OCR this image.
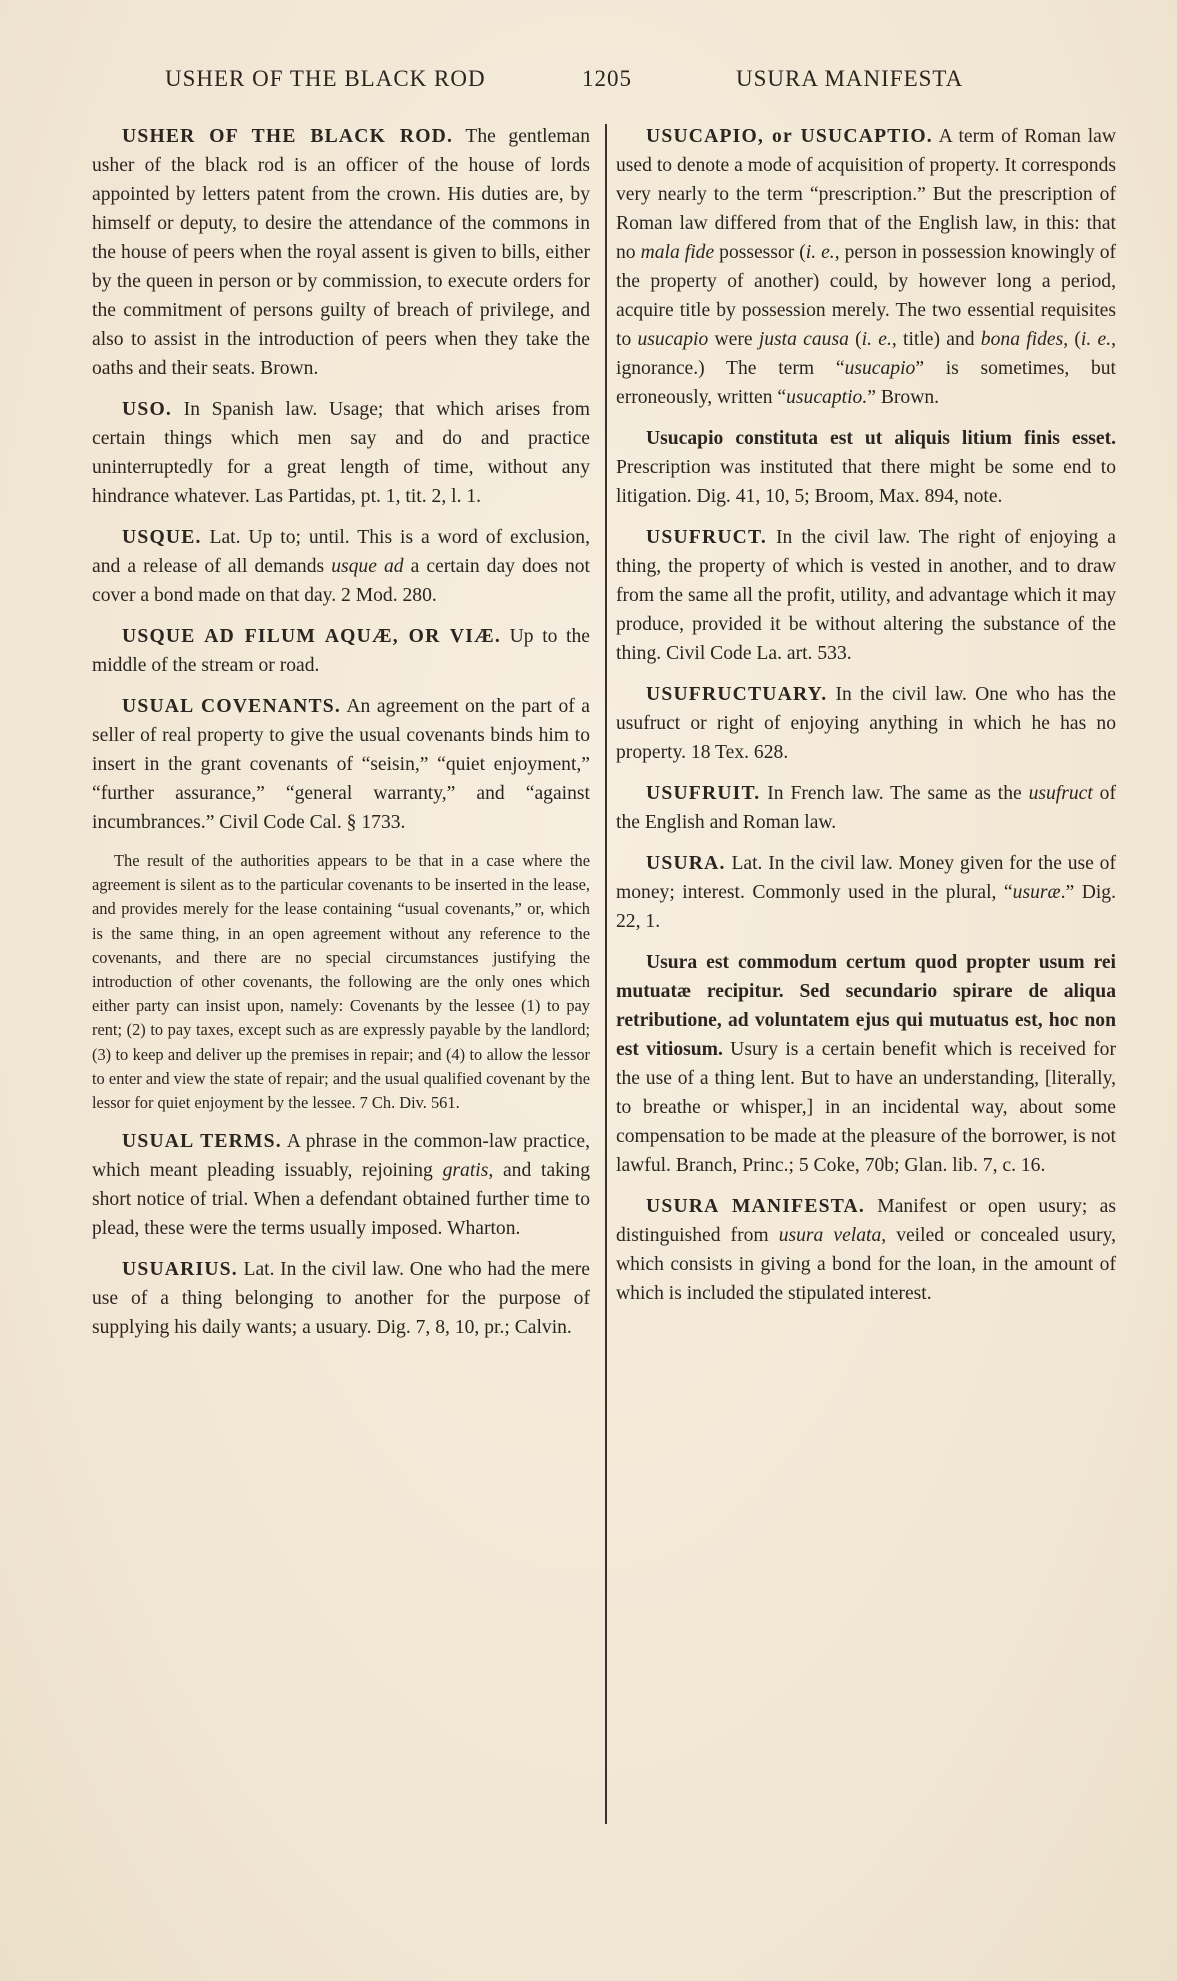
USHER OF THE BLACK ROD	1205	USURA MANIFESTA

USHER OF THE BLACK ROD. The gentleman usher of the black rod is an officer of the house of lords appointed by letters patent from the crown. His duties are, by himself or deputy, to desire the attendance of the commons in the house of peers when the royal assent is given to bills, either by the queen in person or by commission, to execute orders for the commitment of persons guilty of breach of privilege, and also to assist in the introduction of peers when they take the oaths and their seats. Brown.

USO. In Spanish law. Usage; that which arises from certain things which men say and do and practice uninterruptedly for a great length of time, without any hindrance whatever. Las Partidas, pt. 1, tit. 2, l. 1.

USQUE. Lat. Up to; until. This is a word of exclusion, and a release of all demands usque ad a certain day does not cover a bond made on that day. 2 Mod. 280.

USQUE AD FILUM AQUÆ, OR VIÆ. Up to the middle of the stream or road.

USUAL COVENANTS. An agreement on the part of a seller of real property to give the usual covenants binds him to insert in the grant covenants of “seisin,” “quiet enjoyment,” “further assurance,” “general warranty,” and “against incumbrances.” Civil Code Cal. § 1733.

The result of the authorities appears to be that in a case where the agreement is silent as to the particular covenants to be inserted in the lease, and provides merely for the lease containing “usual covenants,” or, which is the same thing, in an open agreement without any reference to the covenants, and there are no special circumstances justifying the introduction of other covenants, the following are the only ones which either party can insist upon, namely: Covenants by the lessee (1) to pay rent; (2) to pay taxes, except such as are expressly payable by the landlord; (3) to keep and deliver up the premises in repair; and (4) to allow the lessor to enter and view the state of repair; and the usual qualified covenant by the lessor for quiet enjoyment by the lessee. 7 Ch. Div. 561.

USUAL TERMS. A phrase in the common-law practice, which meant pleading issuably, rejoining gratis, and taking short notice of trial. When a defendant obtained further time to plead, these were the terms usually imposed. Wharton.

USUARIUS. Lat. In the civil law. One who had the mere use of a thing belonging to another for the purpose of supplying his daily wants; a usuary. Dig. 7, 8, 10, pr.; Calvin.

USUCAPIO, or USUCAPTIO. A term of Roman law used to denote a mode of acquisition of property. It corresponds very nearly to the term “prescription.” But the prescription of Roman law differed from that of the English law, in this: that no mala fide possessor (i. e., person in possession knowingly of the property of another) could, by however long a period, acquire title by possession merely. The two essential requisites to usucapio were justa causa (i. e., title) and bona fides, (i. e., ignorance.) The term “usucapio” is sometimes, but erroneously, written “usucaptio.” Brown.

Usucapio constituta est ut aliquis litium finis esset. Prescription was instituted that there might be some end to litigation. Dig. 41, 10, 5; Broom, Max. 894, note.

USUFRUCT. In the civil law. The right of enjoying a thing, the property of which is vested in another, and to draw from the same all the profit, utility, and advantage which it may produce, provided it be without altering the substance of the thing. Civil Code La. art. 533.

USUFRUCTUARY. In the civil law. One who has the usufruct or right of enjoying anything in which he has no property. 18 Tex. 628.

USUFRUIT. In French law. The same as the usufruct of the English and Roman law.

USURA. Lat. In the civil law. Money given for the use of money; interest. Commonly used in the plural, “usuræ.” Dig. 22, 1.

Usura est commodum certum quod propter usum rei mutuatæ recipitur. Sed secundario spirare de aliqua retributione, ad voluntatem ejus qui mutuatus est, hoc non est vitiosum. Usury is a certain benefit which is received for the use of a thing lent. But to have an understanding, [literally, to breathe or whisper,] in an incidental way, about some compensation to be made at the pleasure of the borrower, is not lawful. Branch, Princ.; 5 Coke, 70b; Glan. lib. 7, c. 16.

USURA MANIFESTA. Manifest or open usury; as distinguished from usura velata, veiled or concealed usury, which consists in giving a bond for the loan, in the amount of which is included the stipulated interest.
